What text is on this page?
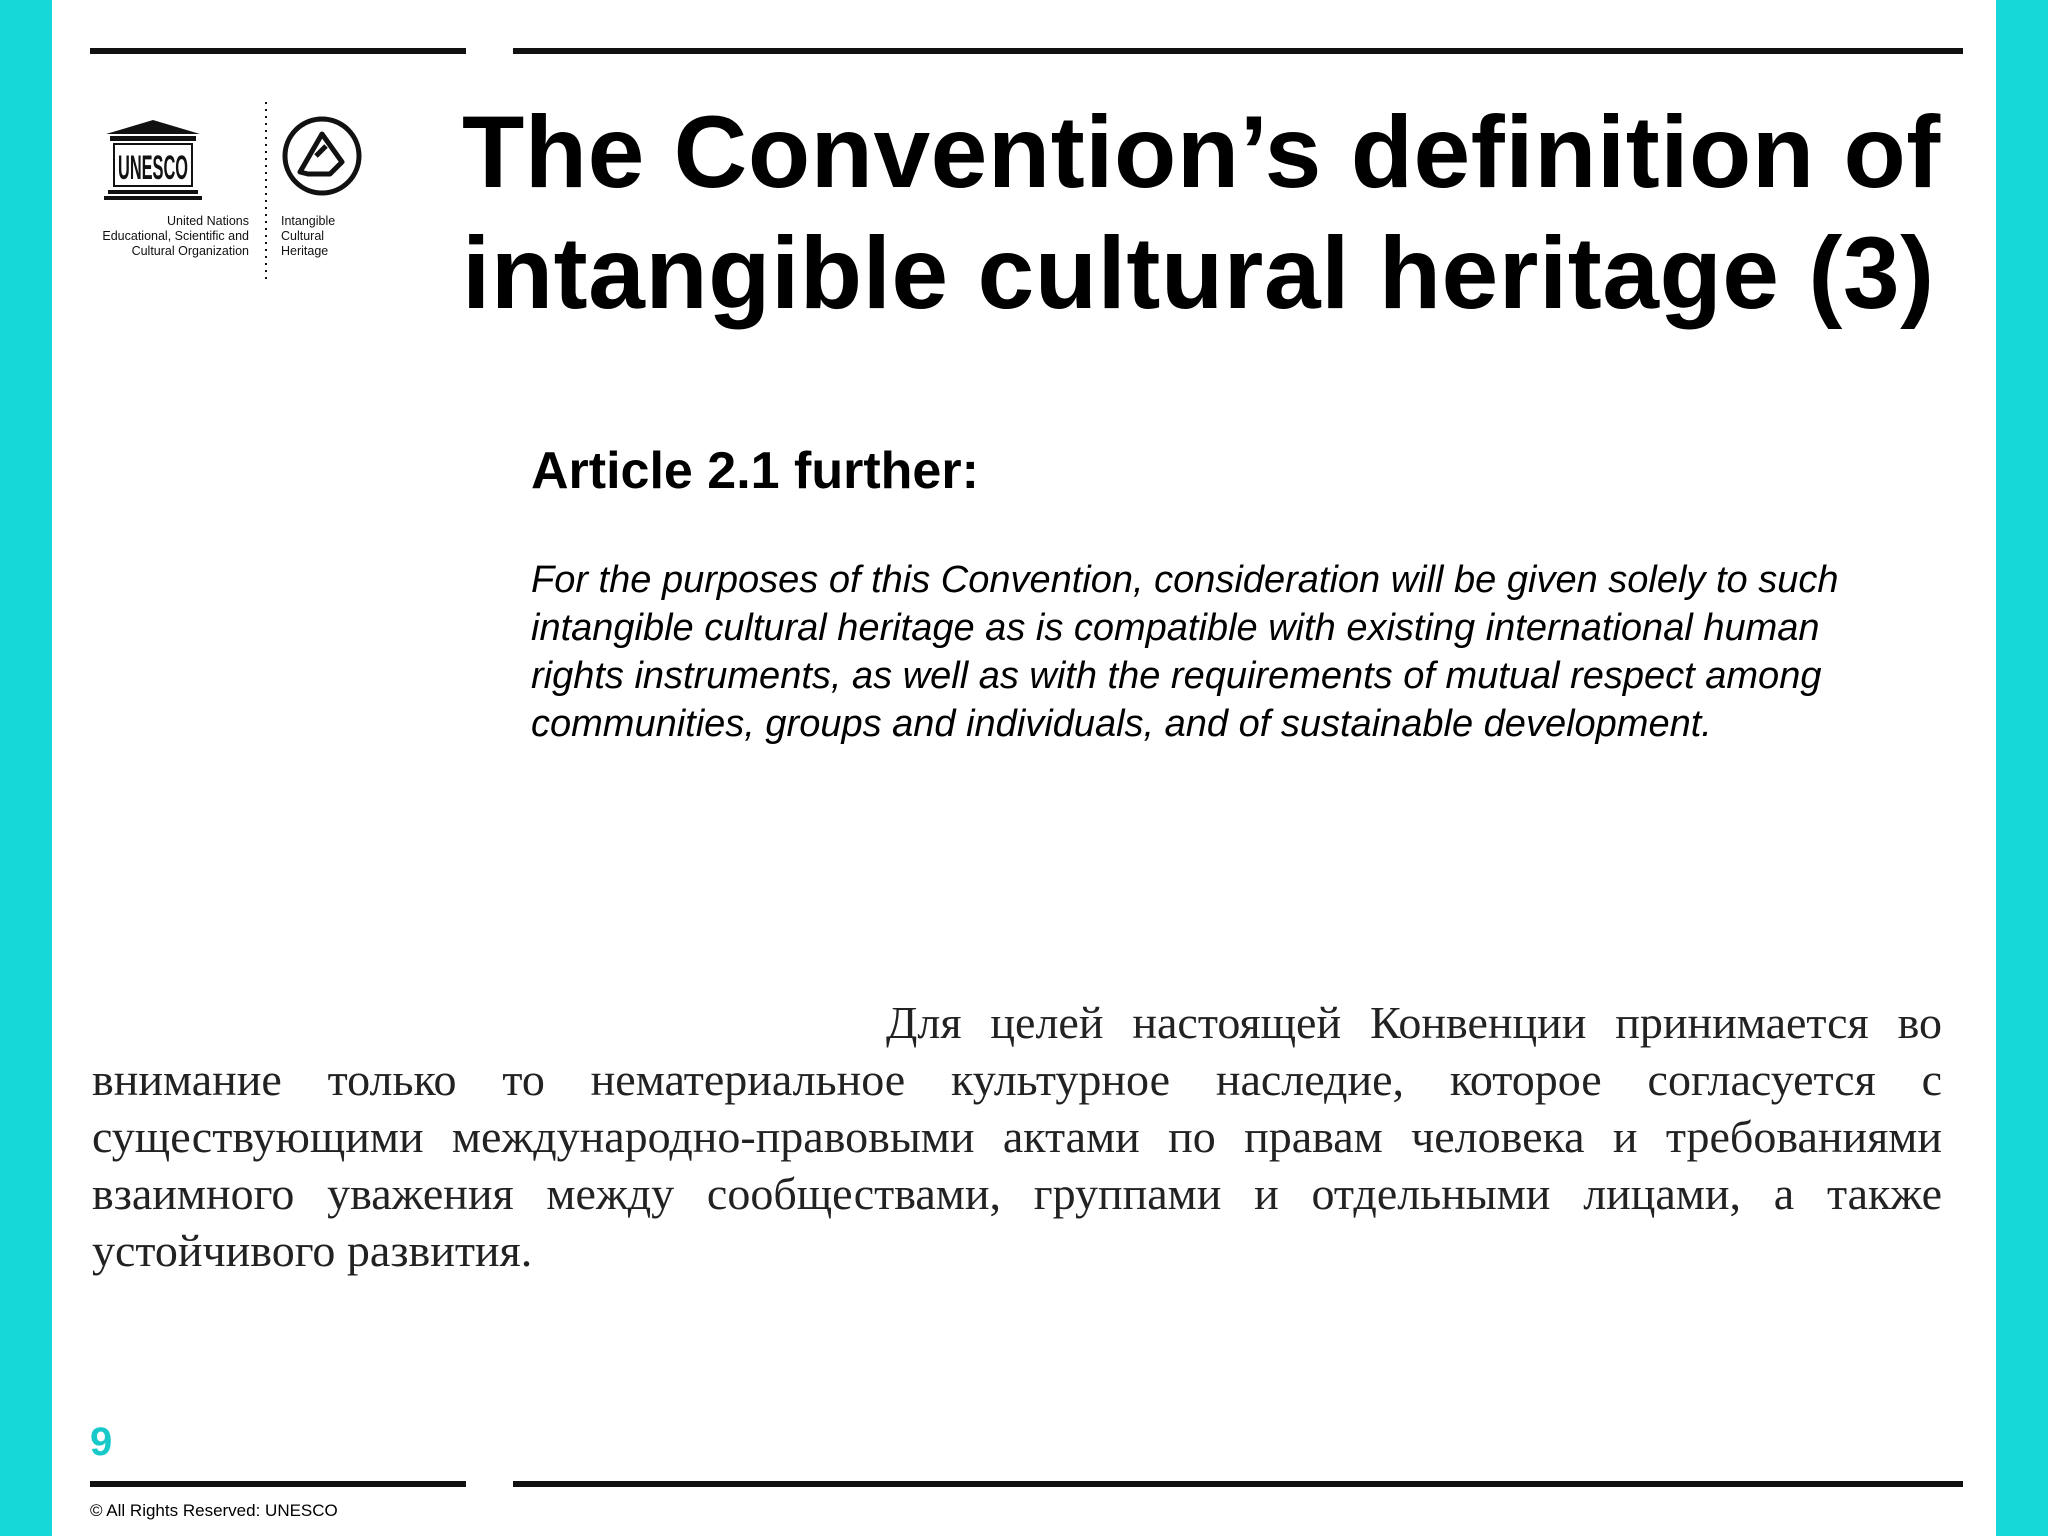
UNESCO
United Nations
Educational, Scientific and
Cultural Organization
Intangible
Cultural
Heritage
The Convention’s definition of
intangible cultural heritage (3)
Article 2.1 further:

For the purposes of this Convention, consideration will be given solely to such
intangible cultural heritage as is compatible with existing international human
rights instruments, as well as with the requirements of mutual respect among
communities, groups and individuals, and of sustainable development.

Для целей настоящей Конвенции принимается во
внимание только то нематериальное культурное наследие, которое согласуется с
существующими международно-правовыми актами по правам человека и требованиями
взаимного уважения между сообществами, группами и отдельными лицами, а также
устойчивого развития.

9
© All Rights Reserved: UNESCO
